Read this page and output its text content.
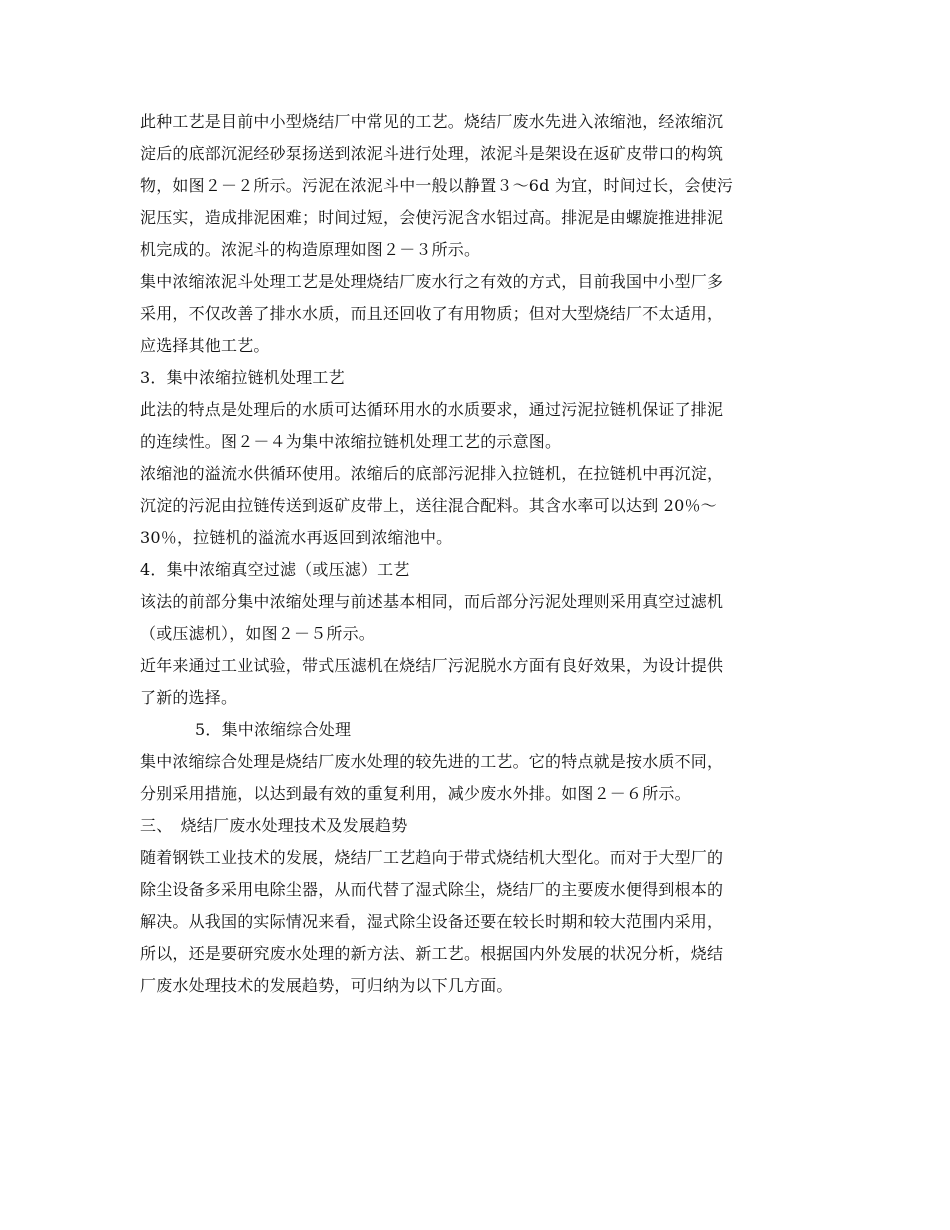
此种工艺是目前中小型烧结厂中常见的工艺。烧结厂废水先进入浓缩池，经浓缩沉
淀后的底部沉泥经砂泵扬送到浓泥斗进行处理，浓泥斗是架设在返矿皮带口的构筑
物，如图２－２所示。污泥在浓泥斗中一般以静置３～6d 为宜，时间过长，会使污
泥压实，造成排泥困难；时间过短，会使污泥含水铝过高。排泥是由螺旋推进排泥
机完成的。浓泥斗的构造原理如图２－３所示。
集中浓缩浓泥斗处理工艺是处理烧结厂废水行之有效的方式，目前我国中小型厂多
采用，不仅改善了排水水质，而且还回收了有用物质；但对大型烧结厂不太适用，
应选择其他工艺。
3．集中浓缩拉链机处理工艺
此法的特点是处理后的水质可达循环用水的水质要求，通过污泥拉链机保证了排泥
的连续性。图２－４为集中浓缩拉链机处理工艺的示意图。
浓缩池的溢流水供循环使用。浓缩后的底部污泥排入拉链机，在拉链机中再沉淀，
沉淀的污泥由拉链传送到返矿皮带上，送往混合配料。其含水率可以达到 20％～
30％，拉链机的溢流水再返回到浓缩池中。
4．集中浓缩真空过滤（或压滤）工艺
该法的前部分集中浓缩处理与前述基本相同，而后部分污泥处理则采用真空过滤机
（或压滤机），如图２－５所示。
近年来通过工业试验，带式压滤机在烧结厂污泥脱水方面有良好效果，为设计提供
了新的选择。
5．集中浓缩综合处理
集中浓缩综合处理是烧结厂废水处理的较先进的工艺。它的特点就是按水质不同，
分别采用措施，以达到最有效的重复利用，减少废水外排。如图２－６所示。
三、　烧结厂废水处理技术及发展趋势
随着钢铁工业技术的发展，烧结厂工艺趋向于带式烧结机大型化。而对于大型厂的
除尘设备多采用电除尘器，从而代替了湿式除尘，烧结厂的主要废水便得到根本的
解决。从我国的实际情况来看，湿式除尘设备还要在较长时期和较大范围内采用，
所以，还是要研究废水处理的新方法、新工艺。根据国内外发展的状况分析，烧结
厂废水处理技术的发展趋势，可归纳为以下几方面。
